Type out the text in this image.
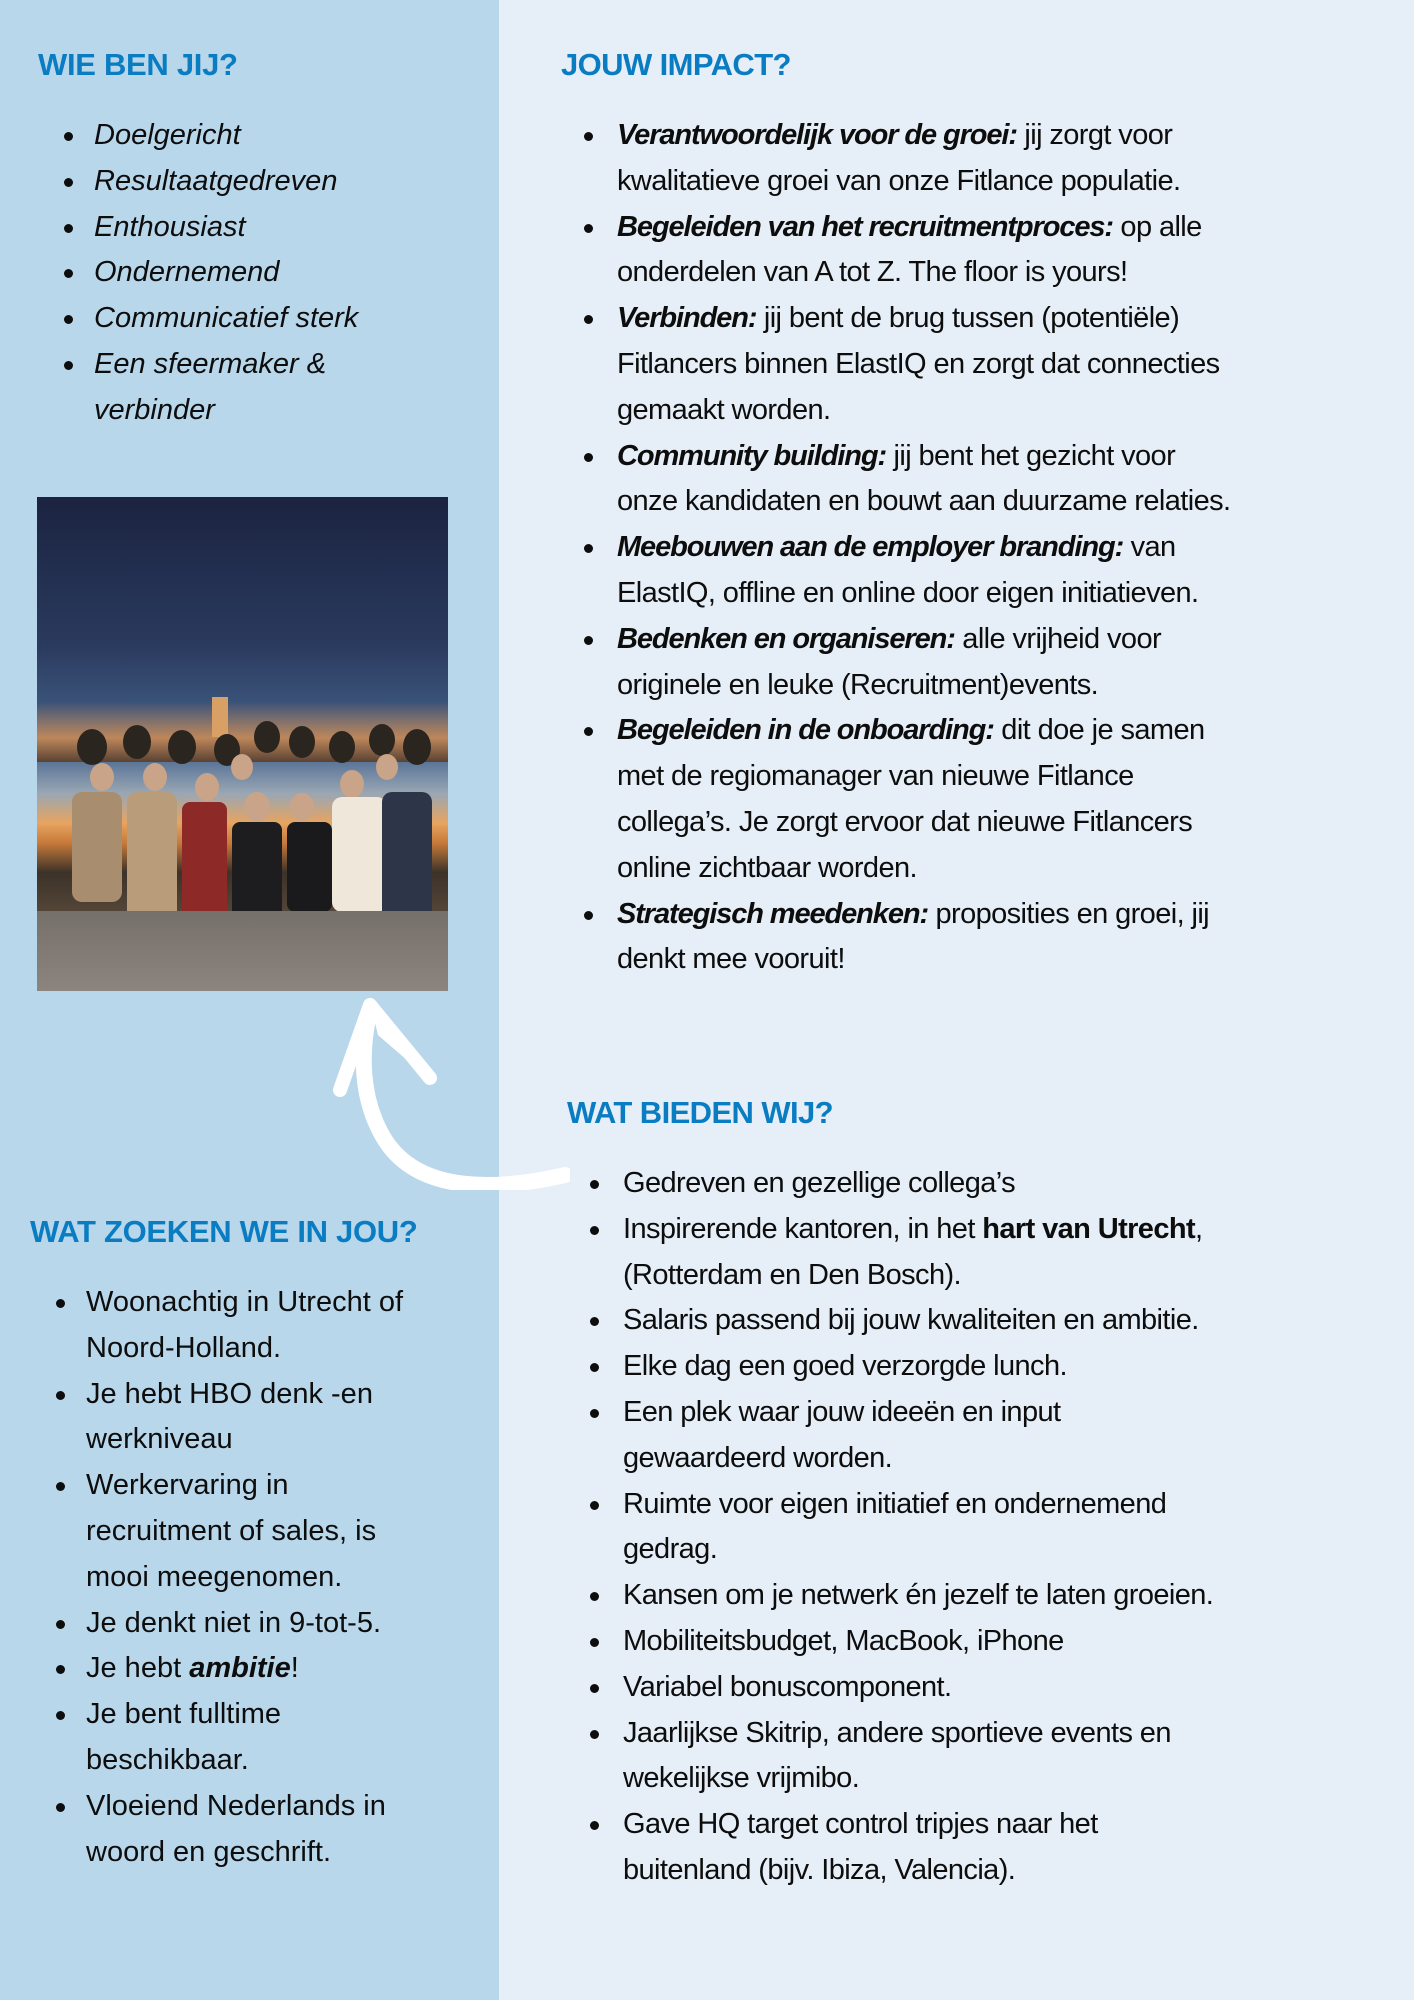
WIE BEN JIJ?
Doelgericht
Resultaatgedreven
Enthousiast
Ondernemend
Communicatief sterk
Een sfeermaker &
verbinder
JOUW IMPACT?
Verantwoordelijk voor de groei: jij zorgt voor
kwalitatieve groei van onze Fitlance populatie.
Begeleiden van het recruitmentproces: op alle
onderdelen van A tot Z. The floor is yours!
Verbinden: jij bent de brug tussen (potentiële)
Fitlancers binnen ElastIQ en zorgt dat connecties
gemaakt worden.
Community building: jij bent het gezicht voor
onze kandidaten en bouwt aan duurzame relaties.
Meebouwen aan de employer branding: van
ElastIQ, offline en online door eigen initiatieven.
Bedenken en organiseren: alle vrijheid voor
originele en leuke (Recruitment)events.
Begeleiden in de onboarding: dit doe je samen
met de regiomanager van nieuwe Fitlance
collega’s. Je zorgt ervoor dat nieuwe Fitlancers
online zichtbaar worden.
Strategisch meedenken: proposities en groei, jij
denkt mee vooruit!
WAT BIEDEN WIJ?
Gedreven en gezellige collega’s
Inspirerende kantoren, in het hart van Utrecht,
(Rotterdam en Den Bosch).
Salaris passend bij jouw kwaliteiten en ambitie.
Elke dag een goed verzorgde lunch.
Een plek waar jouw ideeën en input
gewaardeerd worden.
Ruimte voor eigen initiatief en ondernemend
gedrag.
Kansen om je netwerk én jezelf te laten groeien.
Mobiliteitsbudget, MacBook, iPhone
Variabel bonuscomponent.
Jaarlijkse Skitrip, andere sportieve events en
wekelijkse vrijmibo.
Gave HQ target control tripjes naar het
buitenland (bijv. Ibiza, Valencia).
WAT ZOEKEN WE IN JOU?
Woonachtig in Utrecht of
Noord-Holland.
Je hebt HBO denk -en
werkniveau
Werkervaring in
recruitment of sales, is
mooi meegenomen.
Je denkt niet in 9-tot-5.
Je hebt ambitie!
Je bent fulltime
beschikbaar.
Vloeiend Nederlands in
woord en geschrift.
